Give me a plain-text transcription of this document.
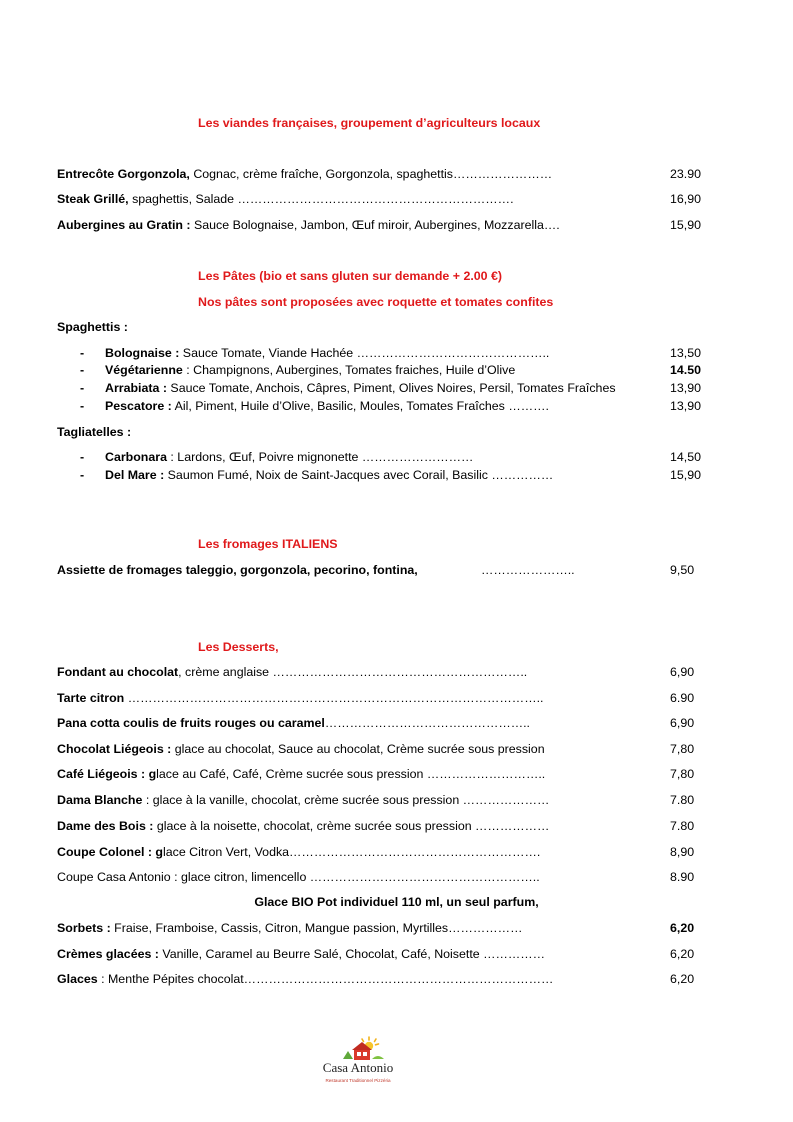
Les viandes françaises, groupement d’agriculteurs locaux
Entrecôte Gorgonzola, Cognac, crème fraîche, Gorgonzola, spaghettis……………………	23.90
Steak Grillé, spaghettis, Salade ………………………………………………………….	16,90
Aubergines au Gratin : Sauce Bolognaise, Jambon, Œuf miroir, Aubergines, Mozzarella….	15,90
Les Pâtes (bio et sans gluten sur demande + 2.00 €)
Nos pâtes sont proposées avec roquette et tomates confites
Spaghettis :
- Bolognaise : Sauce Tomate, Viande Hachée ………………………………………..	13,50
- Végétarienne : Champignons, Aubergines, Tomates fraiches, Huile d’Olive	14.50
- Arrabiata : Sauce Tomate, Anchois, Câpres, Piment, Olives Noires, Persil, Tomates Fraîches	13,90
- Pescatore : Ail, Piment, Huile d’Olive, Basilic, Moules, Tomates Fraîches ……….	13,90
Tagliatelles :
- Carbonara : Lardons, Œuf, Poivre mignonette ………………………	14,50
- Del Mare : Saumon Fumé, Noix de Saint-Jacques avec Corail, Basilic ……………	15,90
Les fromages ITALIENS
Assiette de fromages taleggio, gorgonzola, pecorino, fontina,	…………………..	9,50
Les Desserts,
Fondant au chocolat, crème anglaise ……………………………………………………..	6,90
Tarte citron ………………………………………………………………………………………..	6.90
Pana cotta coulis de fruits rouges ou caramel…………………………………………..	6,90
Chocolat Liégeois : glace au chocolat, Sauce au chocolat, Crème sucrée sous pression	7,80
Café Liégeois : glace au Café, Café, Crème sucrée sous pression ………………………..	7,80
Dama Blanche : glace à la vanille, chocolat, crème sucrée sous pression …………………	7.80
Dame des Bois : glace à la noisette, chocolat, crème sucrée sous pression ………………	7.80
Coupe Colonel : glace Citron Vert, Vodka…………………………………………………….	8,90
Coupe Casa Antonio : glace citron, limencello ………………………………………………..	8.90
Glace BIO Pot individuel 110 ml, un seul parfum,
Sorbets : Fraise, Framboise, Cassis, Citron, Mangue passion, Myrtilles………………	6,20
Crèmes glacées : Vanille, Caramel au Beurre Salé, Chocolat, Café, Noisette ……………	6,20
Glaces : Menthe Pépites chocolat…………………………………………………………………	6,20
Casa Antonio
Restaurant Traditionnel Pizzéria
